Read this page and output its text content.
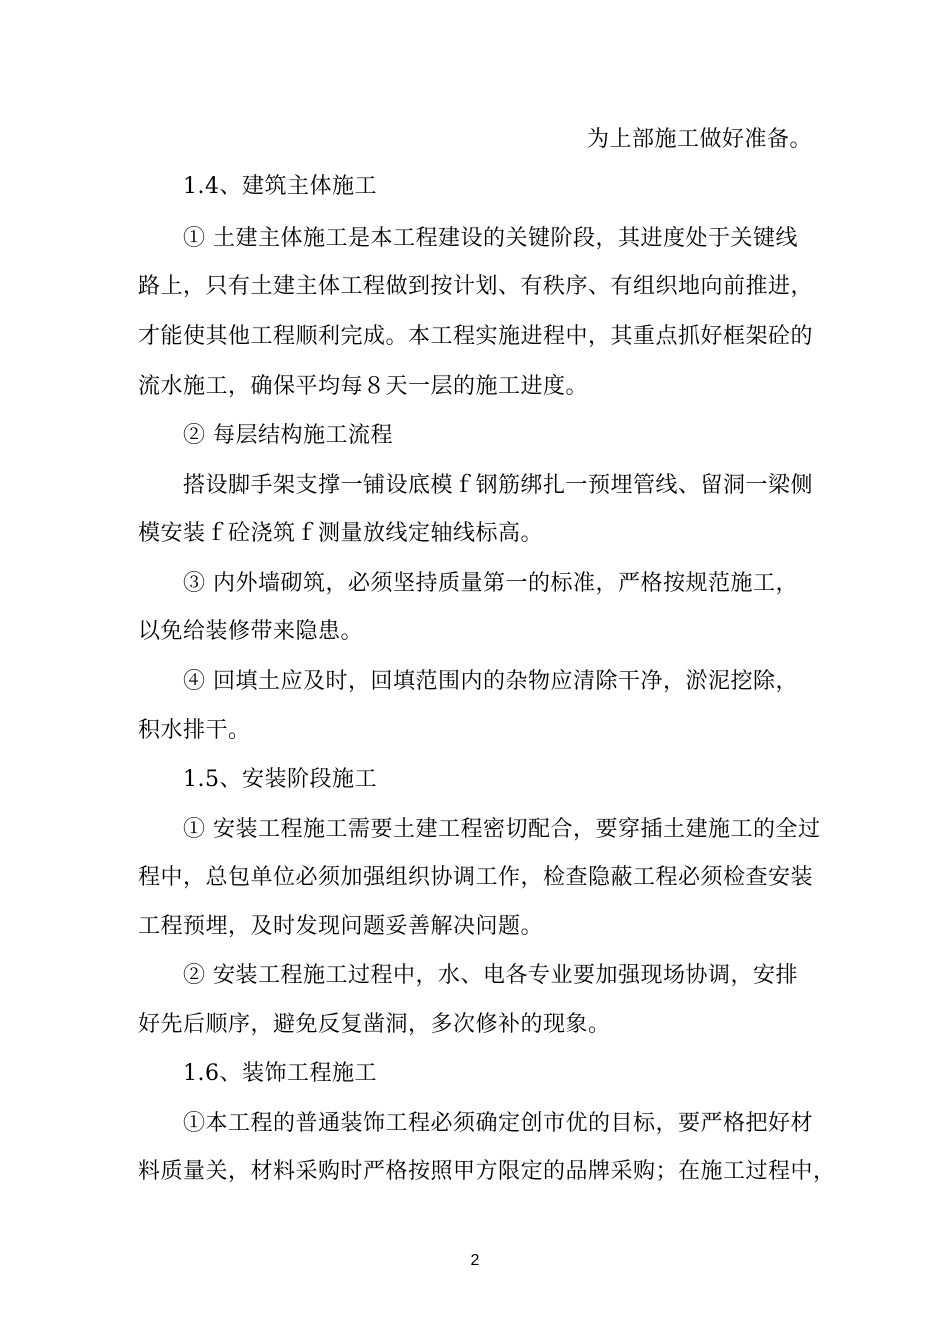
为上部施工做好准备。
1.4、建筑主体施工
① 土建主体施工是本工程建设的关键阶段，其进度处于关键线
路上，只有土建主体工程做到按计划、有秩序、有组织地向前推进，
才能使其他工程顺利完成。本工程实施进程中，其重点抓好框架砼的
流水施工，确保平均每８天一层的施工进度。
② 每层结构施工流程
搭设脚手架支撑一铺设底模ｆ钢筋绑扎一预埋管线、留洞一梁侧
模安装ｆ砼浇筑ｆ测量放线定轴线标高。
③ 内外墙砌筑，必须坚持质量第一的标准，严格按规范施工，
以免给装修带来隐患。
④ 回填土应及时，回填范围内的杂物应清除干净，淤泥挖除，
积水排干。
1.5、安装阶段施工
① 安装工程施工需要土建工程密切配合，要穿插土建施工的全过
程中，总包单位必须加强组织协调工作，检查隐蔽工程必须检查安装
工程预埋，及时发现问题妥善解决问题。
② 安装工程施工过程中，水、电各专业要加强现场协调，安排
好先后顺序，避免反复凿洞，多次修补的现象。
1.6、装饰工程施工
①本工程的普通装饰工程必须确定创市优的目标，要严格把好材
料质量关，材料采购时严格按照甲方限定的品牌采购；在施工过程中，
2
